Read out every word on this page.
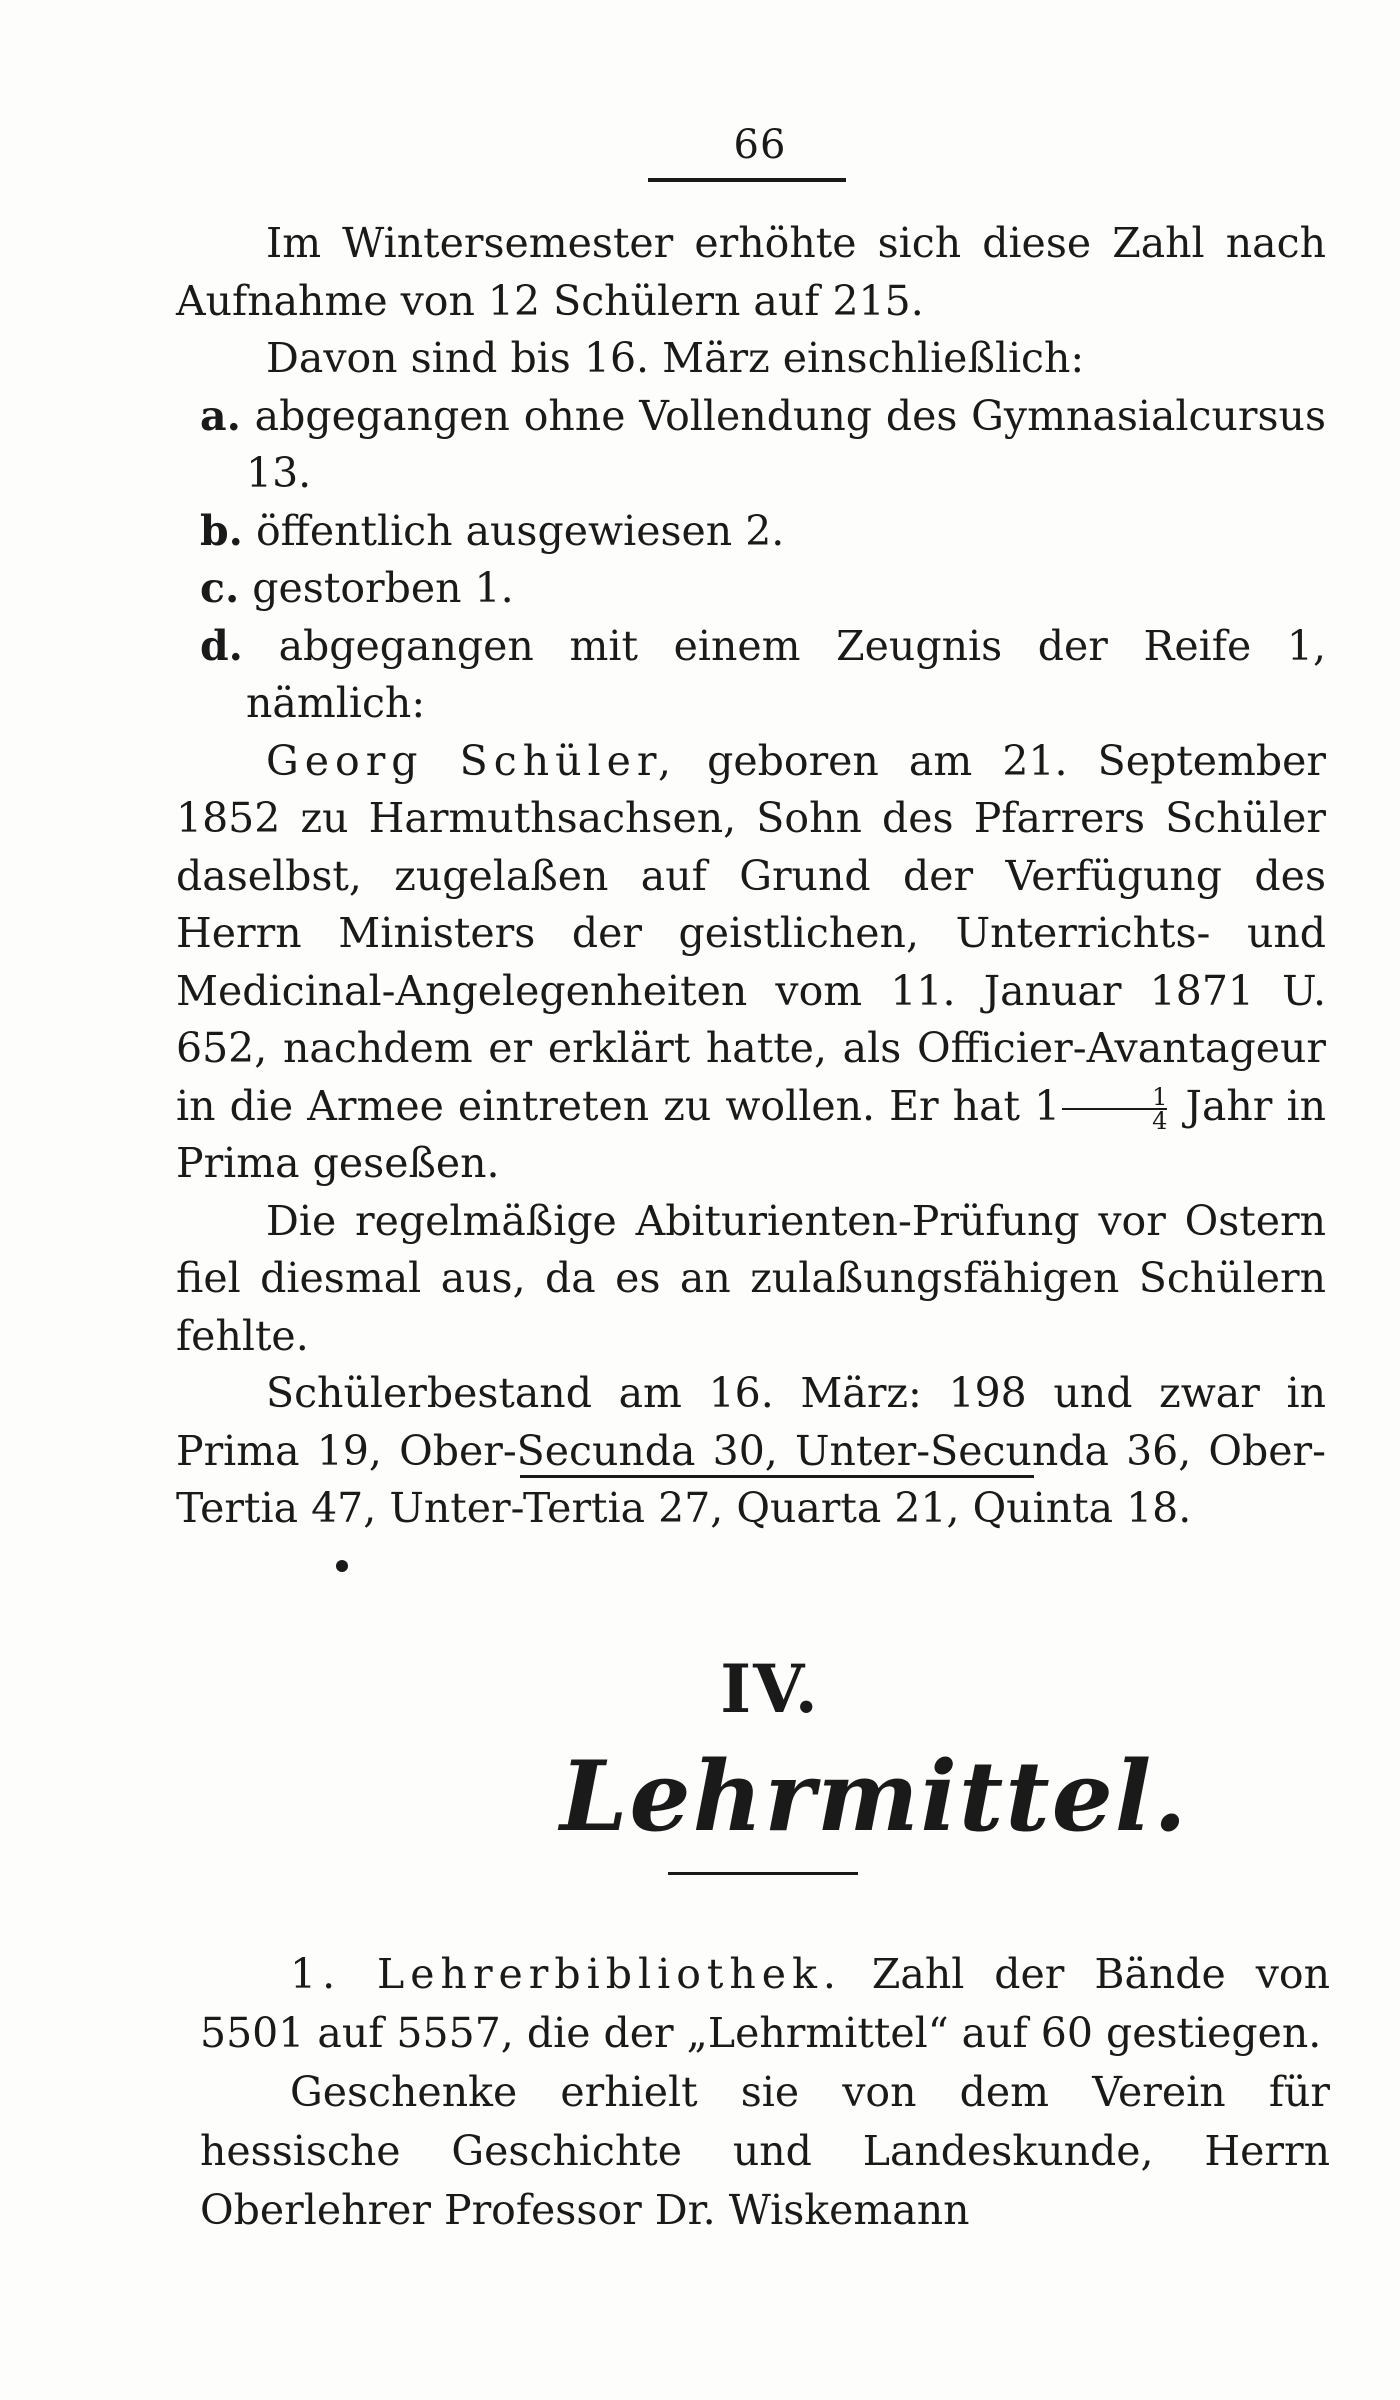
66

Im Wintersemester erhöhte sich diese Zahl nach Aufnahme von 12 Schülern auf 215.

Davon sind bis 16. März einschließlich:

a. abgegangen ohne Vollendung des Gymnasialcursus 13.

b. öffentlich ausgewiesen 2.

c. gestorben 1.

d. abgegangen mit einem Zeugnis der Reife 1, nämlich:

Georg Schüler, geboren am 21. September 1852 zu Harmuthsachsen, Sohn des Pfarrers Schüler daselbst, zugelaßen auf Grund der Verfügung des Herrn Ministers der geistlichen, Unterrichts- und Medicinal-Angelegenheiten vom 11. Januar 1871 U. 652, nachdem er erklärt hatte, als Officier-Avantageur in die Armee eintreten zu wollen. Er hat $1 \frac{1}{4}$ Jahr in Prima geseßen.

Die regelmäßige Abiturienten-Prüfung vor Ostern fiel diesmal aus, da es an zulaßungsfähigen Schülern fehlte.

Schülerbestand am 16. März: 198 und zwar in Prima 19, Ober-Secunda 30, Unter-Secunda 36, Ober-Tertia 47, Unter-Tertia 27, Quarta 21, Quinta 18.

IV.
Lehrmittel.

1. Lehrerbibliothek. Zahl der Bände von 5501 auf 5557, die der „Lehrmittel“ auf 60 gestiegen.

Geschenke erhielt sie von dem Verein für hessische Geschichte und Landeskunde, Herrn Oberlehrer Professor Dr. Wiskemann
